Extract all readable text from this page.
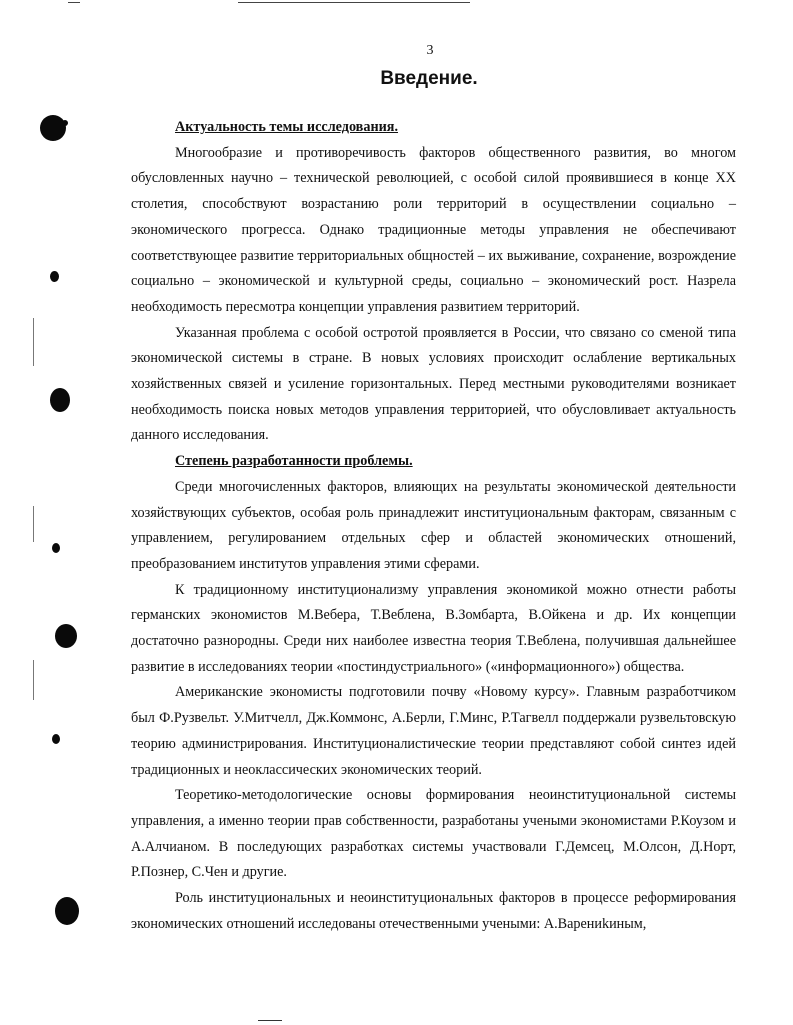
3
Введение.

Актуальность темы исследования.

Многообразие и противоречивость факторов общественного развития, во многом обусловленных научно – технической революцией, с особой силой проявившиеся в конце XX столетия, способствуют возрастанию роли территорий в осуществлении социально – экономического прогресса. Однако традиционные методы управления не обеспечивают соответствующее развитие территориальных общностей – их выживание, сохранение, возрождение социально – экономической и культурной среды, социально – экономический рост. Назрела необходимость пересмотра концепции управления развитием территорий.

Указанная проблема с особой остротой проявляется в России, что связано со сменой типа экономической системы в стране. В новых условиях происходит ослабление вертикальных хозяйственных связей и усиление горизонтальных. Перед местными руководителями возникает необходимость поиска новых методов управления территорией, что обусловливает актуальность данного исследования.

Степень разработанности проблемы.

Среди многочисленных факторов, влияющих на результаты экономической деятельности хозяйствующих субъектов, особая роль принадлежит институциональным факторам, связанным с управлением, регулированием отдельных сфер и областей экономических отношений, преобразованием институтов управления этими сферами.

К традиционному институционализму управления экономикой можно отнести работы германских экономистов М.Вебера, Т.Веблена, В.Зомбарта, В.Ойкена и др. Их концепции достаточно разнородны. Среди них наиболее известна теория Т.Веблена, получившая дальнейшее развитие в исследованиях теории «постиндустриального» («информационного») общества.

Американские экономисты подготовили почву «Новому курсу». Главным разработчиком был Ф.Рузвельт. У.Митчелл, Дж.Коммонс, А.Берли, Г.Минс, Р.Тагвелл поддержали рузвельтовскую теорию администрирования. Институционалистические теории представляют собой синтез идей традиционных и неоклассических экономических теорий.

Теоретико-методологические основы формирования неоинституциональной системы управления, а именно теории прав собственности, разработаны учеными экономистами Р.Коузом и А.Алчианом. В последующих разработках системы участвовали Г.Демсец, М.Олсон, Д.Норт, Р.Познер, С.Чен и другие.

Роль институциональных и неоинституциональных факторов в процессе реформирования экономических отношений исследованы отечественными учеными: А.Варениkиным,
